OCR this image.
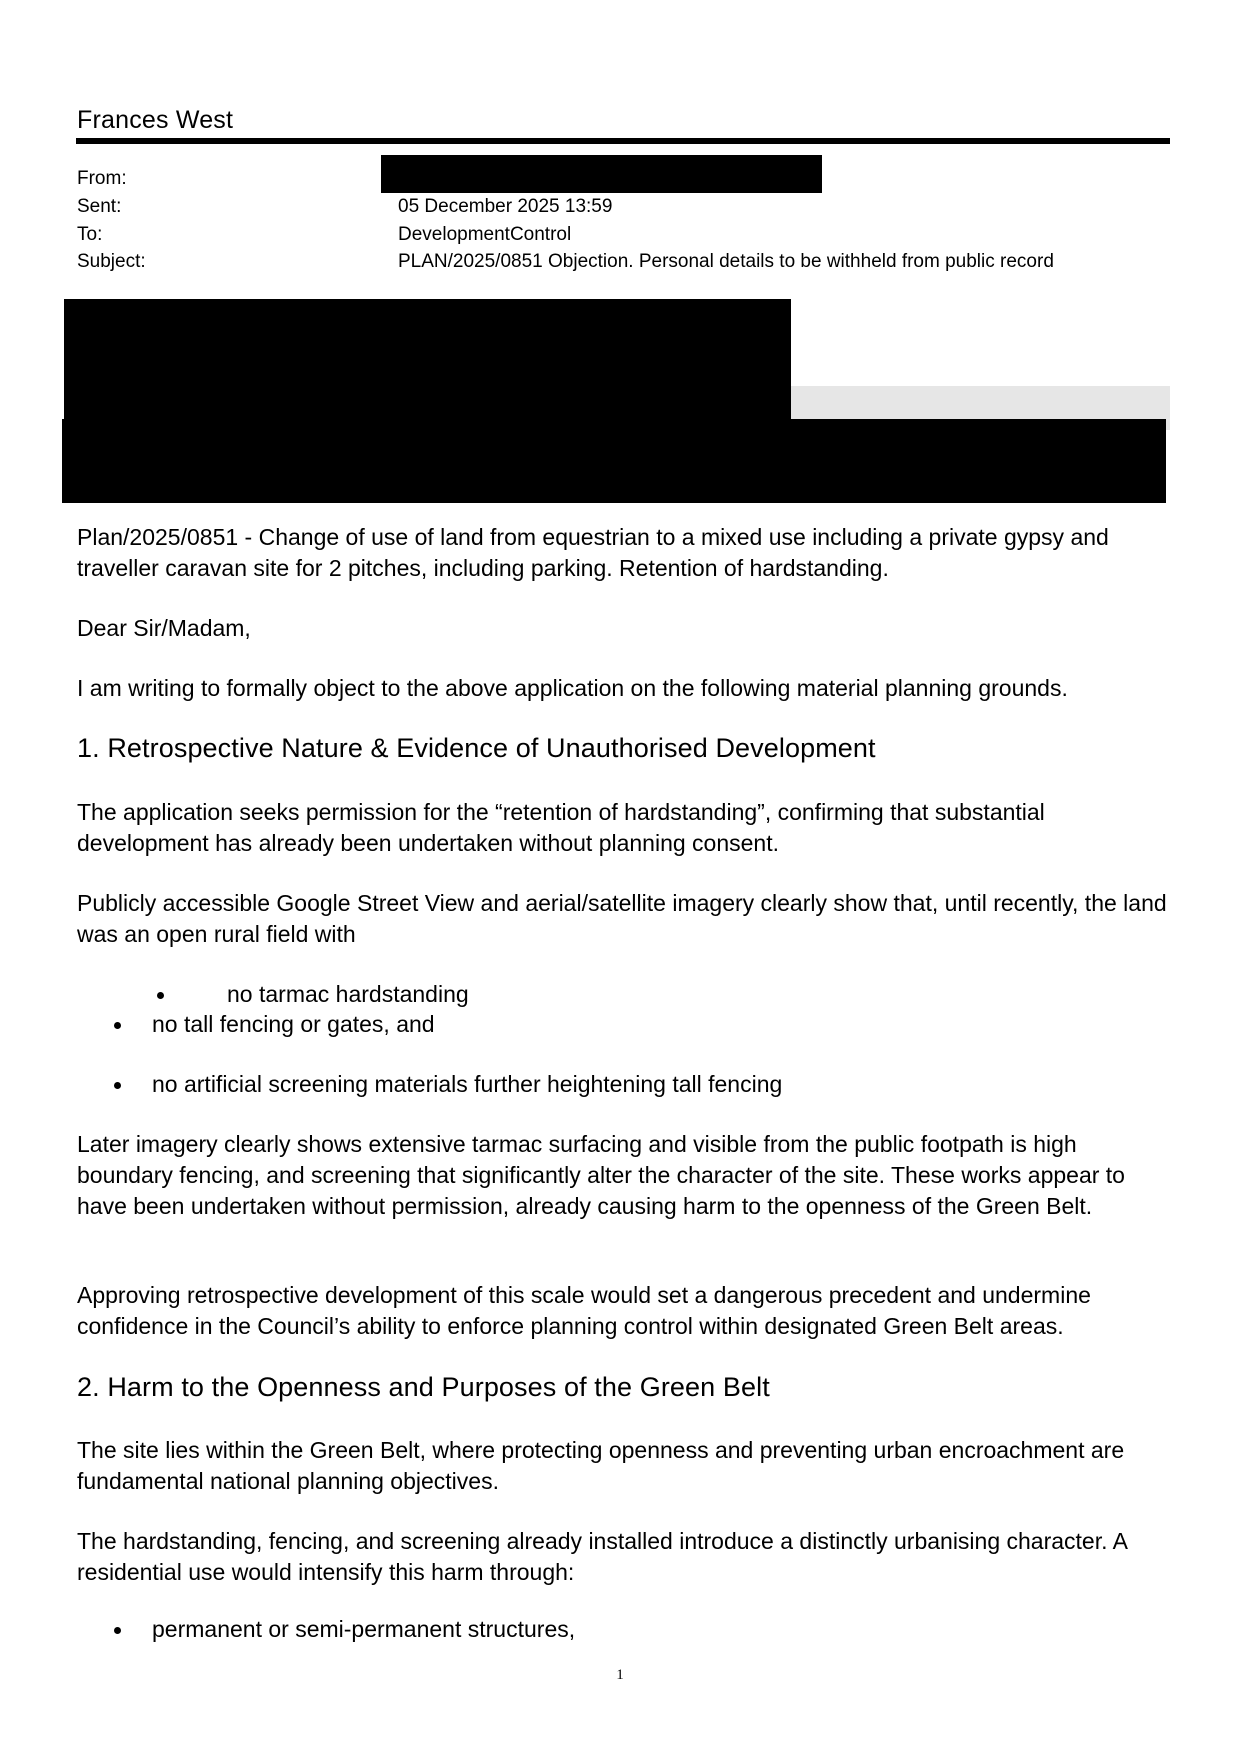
Frances West
From:
Sent:	05 December 2025 13:59
To:	DevelopmentControl
Subject:	PLAN/2025/0851 Objection. Personal details to be withheld from public record
Plan/2025/0851 - Change of use of land from equestrian to a mixed use including a private gypsy and traveller caravan site for 2 pitches, including parking. Retention of hardstanding.
Dear Sir/Madam,
I am writing to formally object to the above application on the following material planning grounds.
1. Retrospective Nature & Evidence of Unauthorised Development
The application seeks permission for the “retention of hardstanding”, confirming that substantial development has already been undertaken without planning consent.
Publicly accessible Google Street View and aerial/satellite imagery clearly show that, until recently, the land was an open rural field with
no tarmac hardstanding
no tall fencing or gates, and
no artificial screening materials further heightening tall fencing
Later imagery clearly shows extensive tarmac surfacing and visible from the public footpath is high boundary fencing, and screening that significantly alter the character of the site. These works appear to have been undertaken without permission, already causing harm to the openness of the Green Belt.
Approving retrospective development of this scale would set a dangerous precedent and undermine confidence in the Council’s ability to enforce planning control within designated Green Belt areas.
2. Harm to the Openness and Purposes of the Green Belt
The site lies within the Green Belt, where protecting openness and preventing urban encroachment are fundamental national planning objectives.
The hardstanding, fencing, and screening already installed introduce a distinctly urbanising character. A residential use would intensify this harm through:
permanent or semi-permanent structures,
1
